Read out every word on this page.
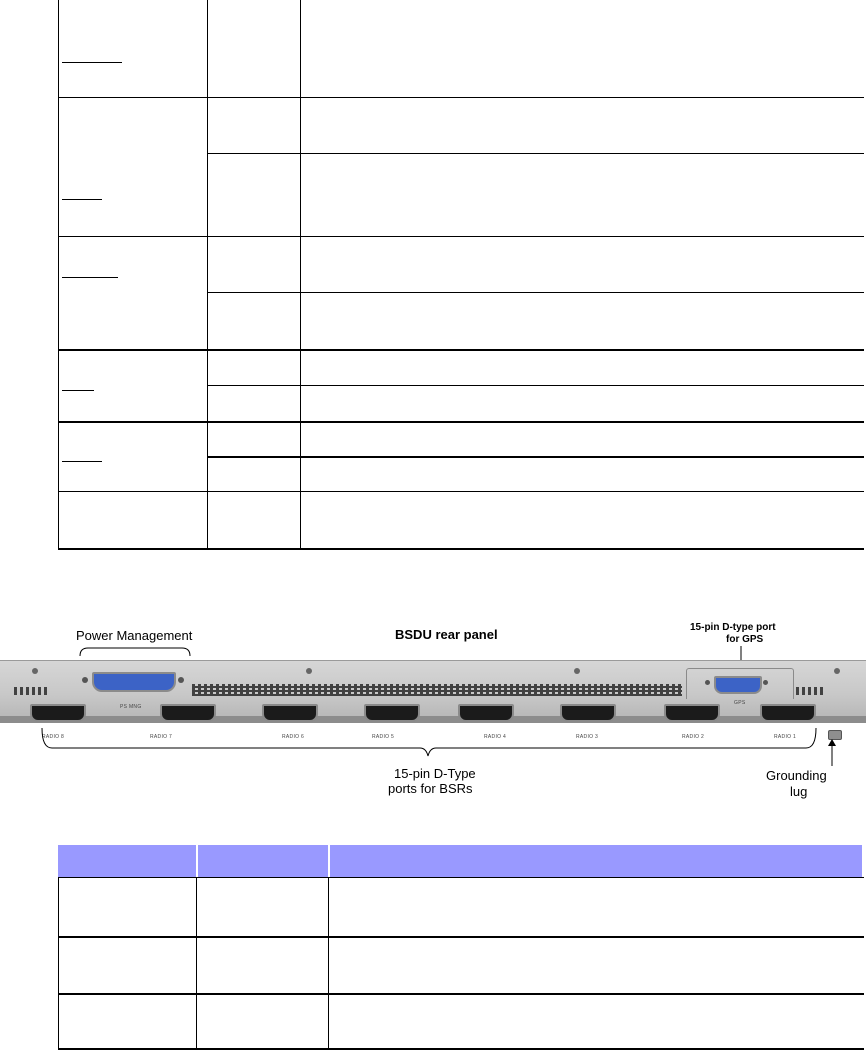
Power Management	BSDU rear panel	15-pin D-type port
for GPS
PS MNG
GPS
RADIO 8	RADIO 7	RADIO 6	RADIO 5	RADIO 4	RADIO 3	RADIO 2	RADIO 1
15-pin D-Type
ports for BSRs
Grounding
lug
